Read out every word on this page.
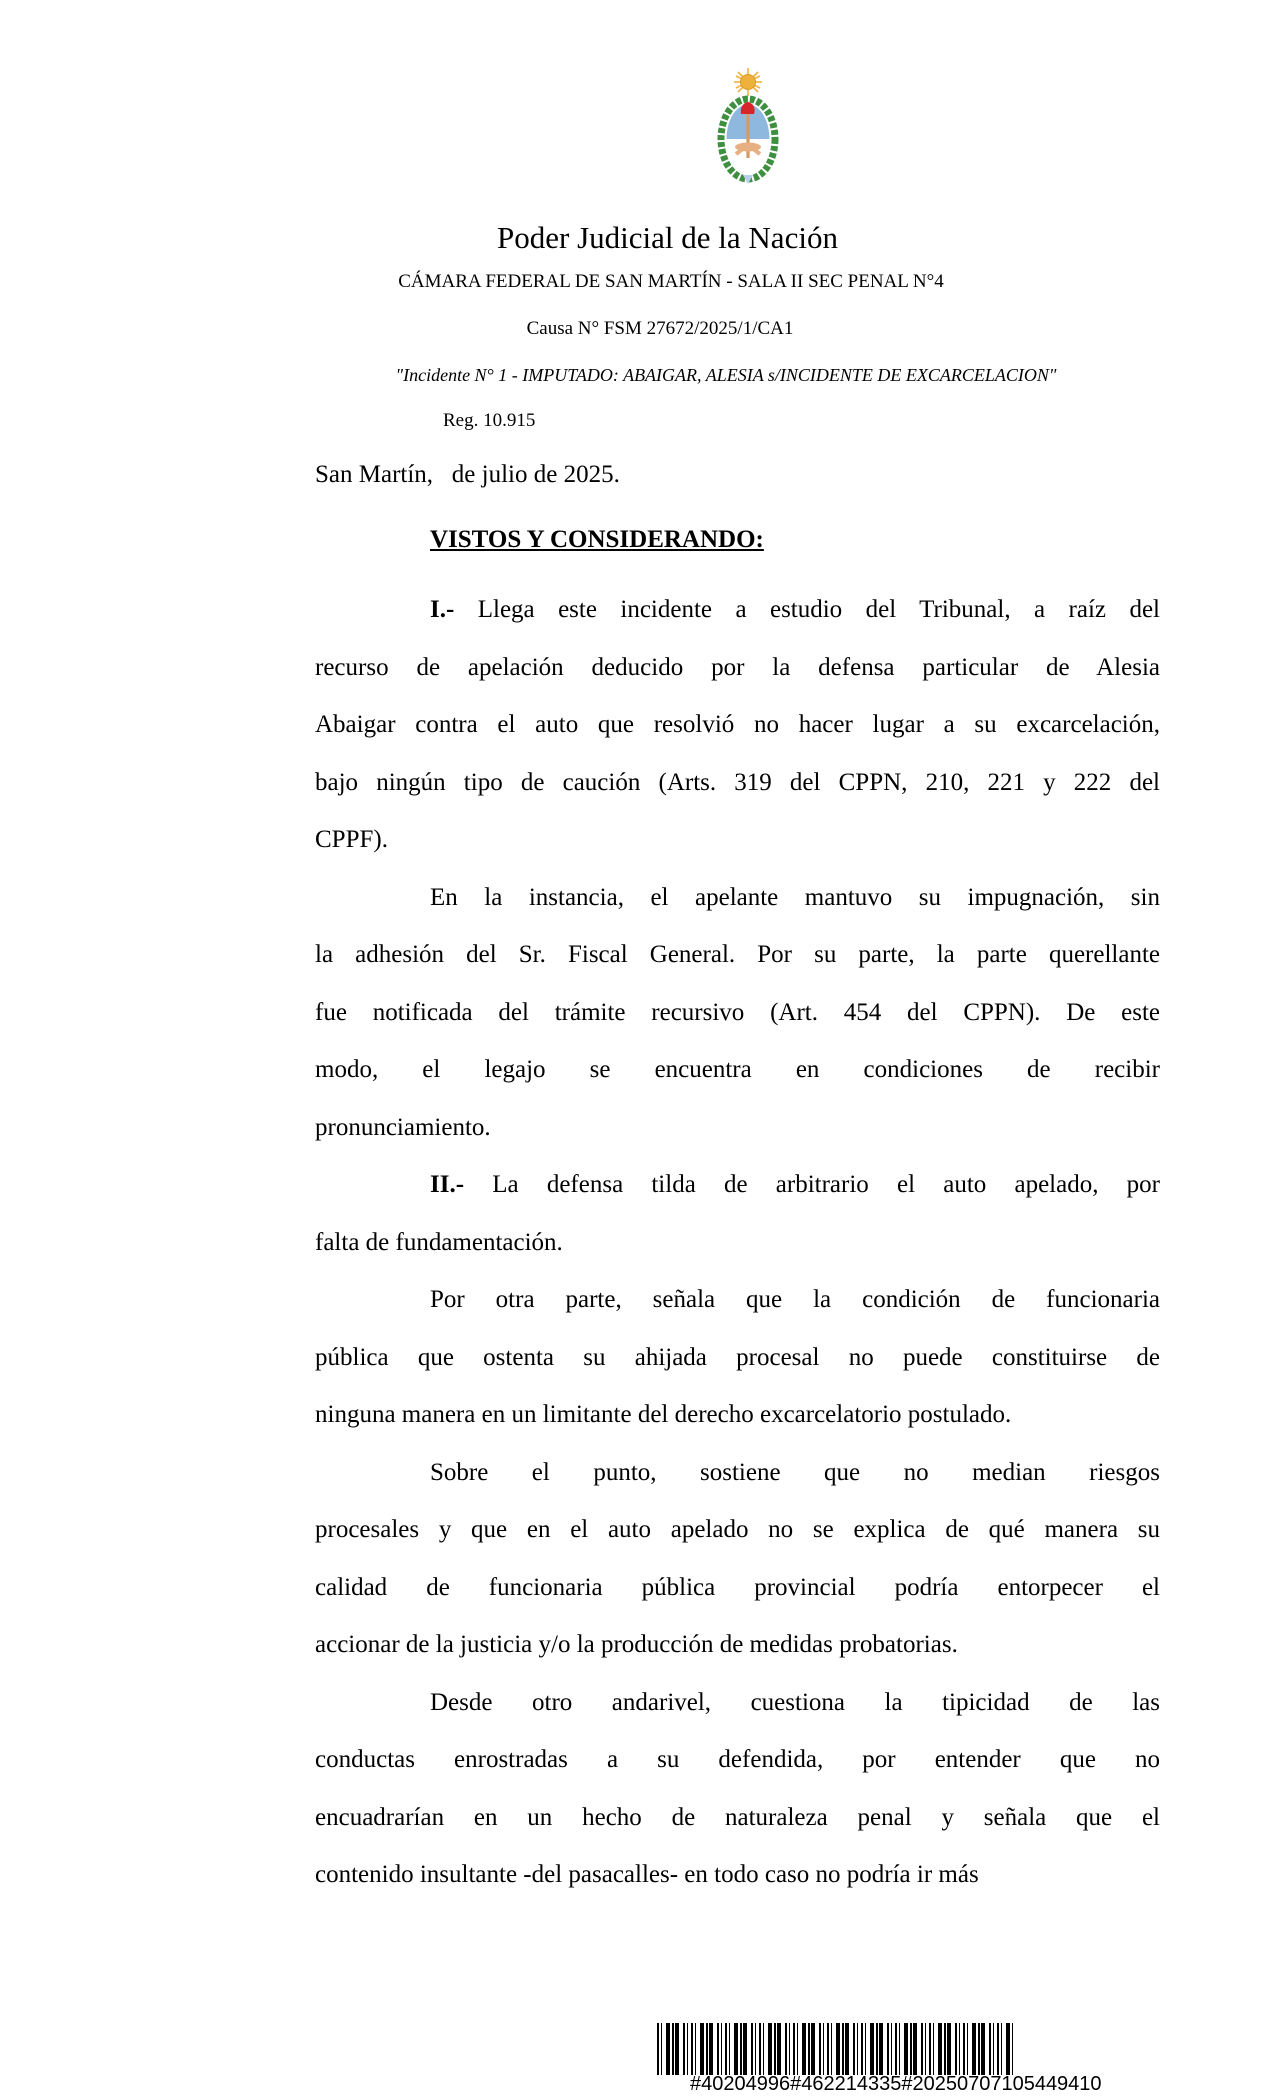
Poder Judicial de la Nación
CÁMARA FEDERAL DE SAN MARTÍN - SALA II SEC PENAL N°4
Causa N° FSM 27672/2025/1/CA1
"Incidente N° 1 - IMPUTADO: ABAIGAR, ALESIA s/INCIDENTE DE EXCARCELACION"
Reg. 10.915
San Martín,   de julio de 2025.
VISTOS Y CONSIDERANDO:
I.- Llega este incidente a estudio del Tribunal, a raíz del
recurso de apelación deducido por la defensa particular de Alesia
Abaigar contra el auto que resolvió no hacer lugar a su excarcelación,
bajo ningún tipo de caución (Arts. 319 del CPPN, 210, 221 y 222 del
CPPF).
En la instancia, el apelante mantuvo su impugnación, sin
la adhesión del Sr. Fiscal General. Por su parte, la parte querellante
fue notificada del trámite recursivo (Art. 454 del CPPN). De este
modo, el legajo se encuentra en condiciones de recibir
pronunciamiento.
II.- La defensa tilda de arbitrario el auto apelado, por
falta de fundamentación.
Por otra parte, señala que la condición de funcionaria
pública que ostenta su ahijada procesal no puede constituirse de
ninguna manera en un limitante del derecho excarcelatorio postulado.
Sobre el punto, sostiene que no median riesgos
procesales y que en el auto apelado no se explica de qué manera su
calidad de funcionaria pública provincial podría entorpecer el
accionar de la justicia y/o la producción de medidas probatorias.
Desde otro andarivel, cuestiona la tipicidad de las
conductas enrostradas a su defendida, por entender que no
encuadrarían en un hecho de naturaleza penal y señala que el
contenido insultante -del pasacalles- en todo caso no podría ir más
#40204996#462214335#20250707105449410
